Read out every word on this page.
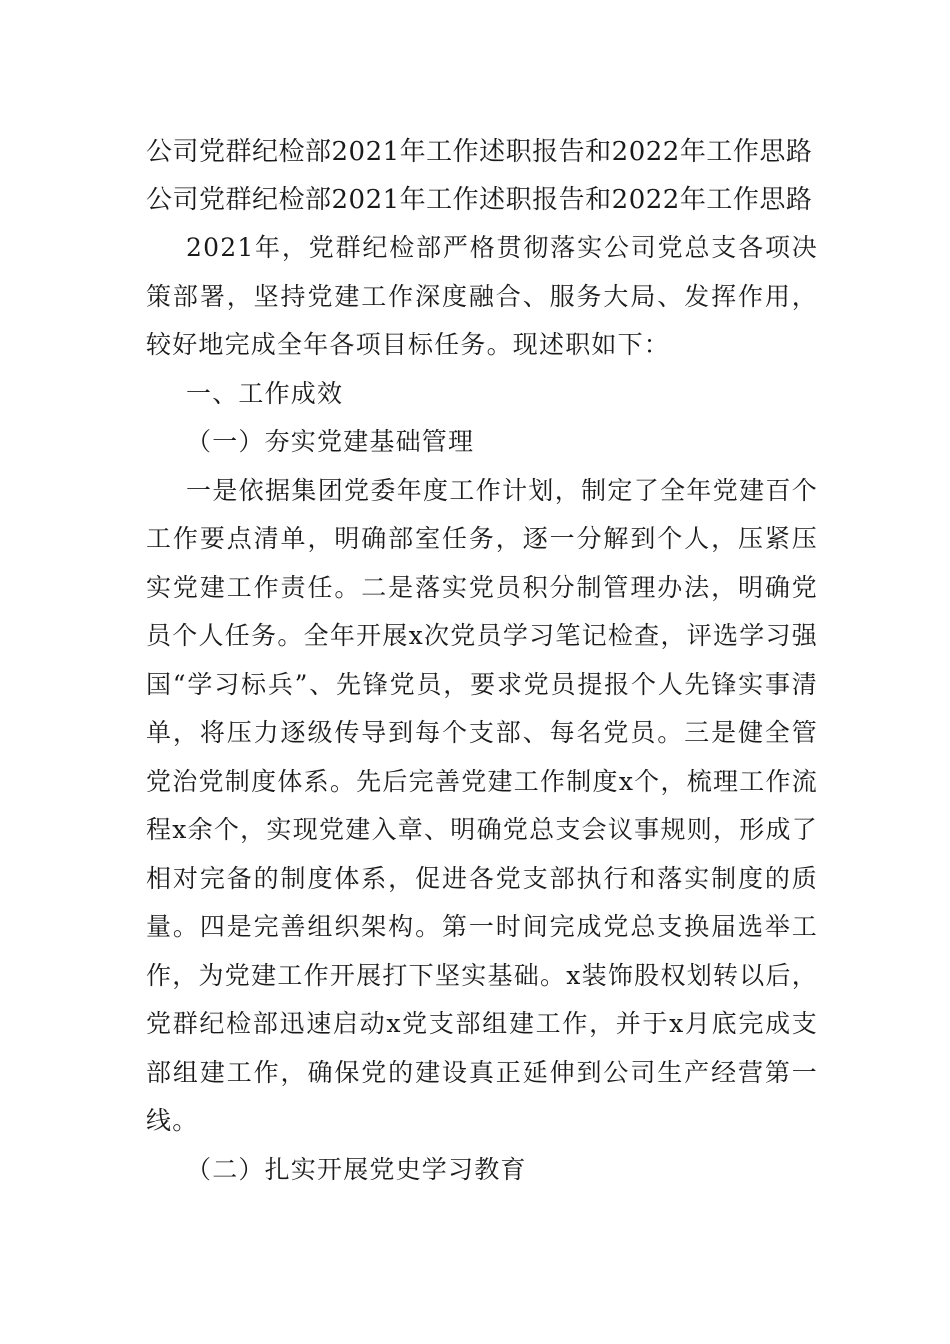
公司党群纪检部2021年工作述职报告和2022年工作思路
公司党群纪检部2021年工作述职报告和2022年工作思路

2021年，党群纪检部严格贯彻落实公司党总支各项决策部署，坚持党建工作深度融合、服务大局、发挥作用，较好地完成全年各项目标任务。现述职如下：

一、工作成效

（一）夯实党建基础管理

一是依据集团党委年度工作计划，制定了全年党建百个工作要点清单，明确部室任务，逐一分解到个人，压紧压实党建工作责任。二是落实党员积分制管理办法，明确党员个人任务。全年开展x次党员学习笔记检查，评选学习强国“学习标兵”、先锋党员，要求党员提报个人先锋实事清单，将压力逐级传导到每个支部、每名党员。三是健全管党治党制度体系。先后完善党建工作制度x个，梳理工作流程x余个，实现党建入章、明确党总支会议事规则，形成了相对完备的制度体系，促进各党支部执行和落实制度的质量。四是完善组织架构。第一时间完成党总支换届选举工作，为党建工作开展打下坚实基础。x装饰股权划转以后，党群纪检部迅速启动x党支部组建工作，并于x月底完成支部组建工作，确保党的建设真正延伸到公司生产经营第一线。

（二）扎实开展党史学习教育
